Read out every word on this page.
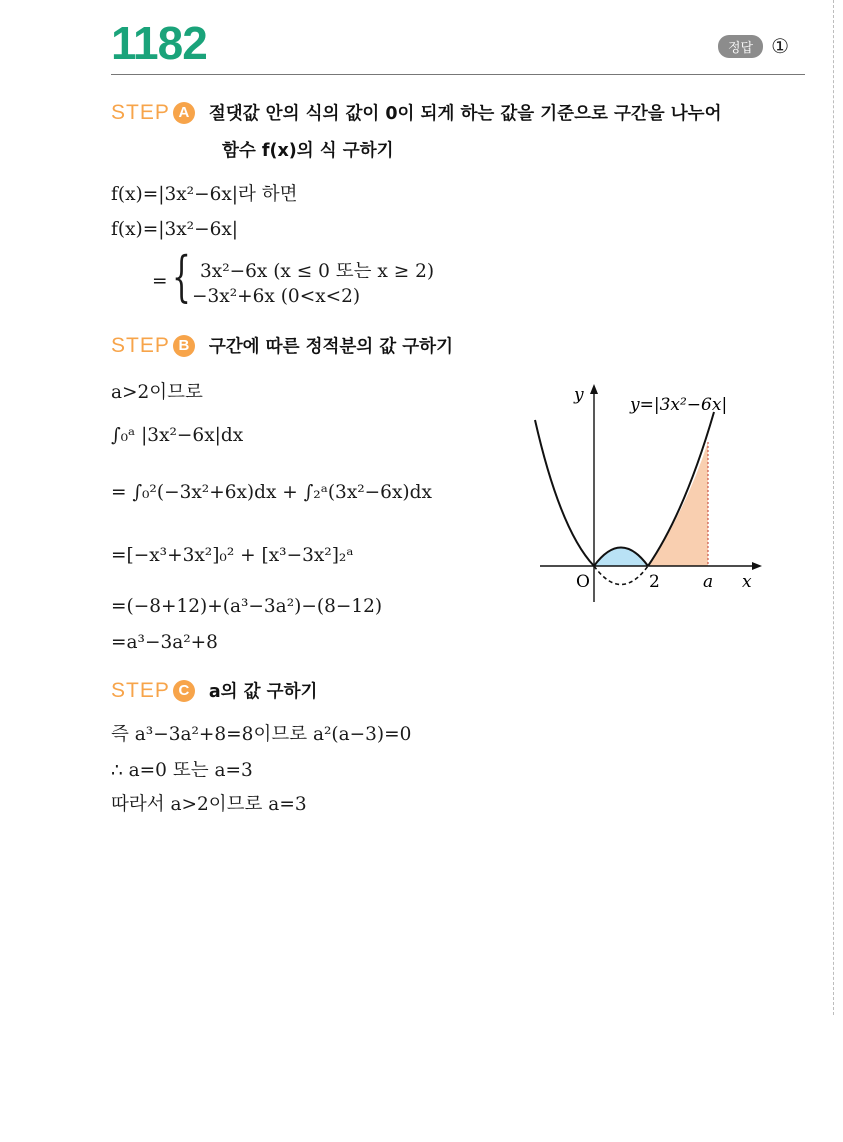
1182	정답 ①
STEP A	절댓값 안의 식의 값이 0이 되게 하는 값을 기준으로 구간을 나누어
함수 f(x)의 식 구하기
f(x)=|3x²−6x|라 하면
f(x)=|3x²−6x|
= { 3x²−6x (x ≤ 0 또는 x ≥ 2)
−3x²+6x (0<x<2)
STEP B	구간에 따른 정적분의 값 구하기
a>2이므로
∫₀ᵃ |3x²−6x|dx
= ∫₀²(−3x²+6x)dx + ∫₂ᵃ(3x²−6x)dx
=[−x³+3x²]₀² + [x³−3x²]₂ᵃ
=(−8+12)+(a³−3a²)−(8−12)
=a³−3a²+8
y	y=|3x²−6x|
O	2	a x
STEP C	a의 값 구하기
즉 a³−3a²+8=8이므로 a²(a−3)=0
∴ a=0 또는 a=3
따라서 a>2이므로 a=3
